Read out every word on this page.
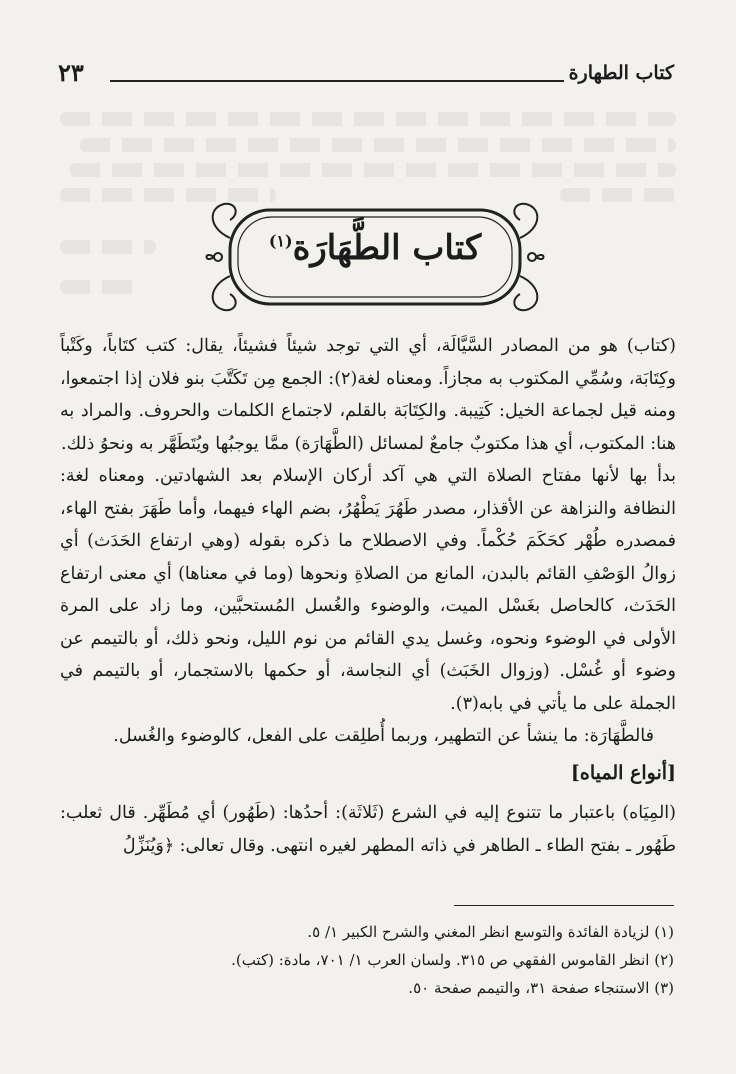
كتاب الطهارة
٢٣
كتاب الطَّهَارَة$^{(١)}$

(كتاب) هو من المصادر السَّيَّالَة، أي التي توجد شيئاً فشيئاً، يقال: كتب كتَاباً، وكَتْباً وكِتَابَة، وسُمِّي المكتوب به مجازاً. ومعناه لغة(٢): الجمع مِن تَكَتَّبَ بنو فلان إذا اجتمعوا، ومنه قيل لجماعة الخيل: كَتِيبة. والكِتَابَة بالقلم، لاجتماع الكلمات والحروف. والمراد به هنا: المكتوب، أي هذا مكتوبٌ جامعٌ لمسائل (الطَّهَارَة) ممَّا يوجبُها ويُتَطَهَّر به ونحوُ ذلك.

بدأ بها لأنها مفتاح الصلاة التي هي آكد أركان الإسلام بعد الشهادتين. ومعناه لغة: النظافة والنزاهة عن الأقذار، مصدر طَهُرَ يَطْهُرُ، بضم الهاء فيهما، وأما طَهَرَ بفتح الهاء، فمصدره طُهْر كحَكَمَ حُكْماً. وفي الاصطلاح ما ذكره بقوله (وهي ارتفاع الحَدَث) أي زوالُ الوَصْفِ القائم بالبدن، المانع من الصلاةِ ونحوها (وما في معناها) أي معنى ارتفاع الحَدَث، كالحاصل بغَسْل الميت، والوضوء والغُسل المُستحبَّين، وما زاد على المرة الأولى في الوضوء ونحوه، وغسل يدي القائم من نوم الليل، ونحو ذلك، أو بالتيمم عن وضوء أو غُسْل. (وزوال الخَبَث) أي النجاسة، أو حكمها بالاستجمار، أو بالتيمم في الجملة على ما يأتي في بابه(٣).

فالطَّهَارَة: ما ينشأ عن التطهير، وربما أُطلِقت على الفعل، كالوضوء والغُسل.

[أنواع المياه]

(المِيَاه) باعتبار ما تتنوع إليه في الشرع (ثَلاثَة): أحدُها: (طَهُور) أي مُطَهِّر. قال ثعلب: طَهُور ـ بفتح الطاء ـ الطاهر في ذاته المطهر لغيره انتهى. وقال تعالى: ﴿وَيُنَزِّلُ

(١) لزيادة الفائدة والتوسع انظر المغني والشرح الكبير ١/ ٥.
(٢) انظر القاموس الفقهي ص ٣١٥. ولسان العرب ١/ ٧٠١، مادة: (كتب).
(٣) الاستنجاء صفحة ٣١، والتيمم صفحة ٥٠.
